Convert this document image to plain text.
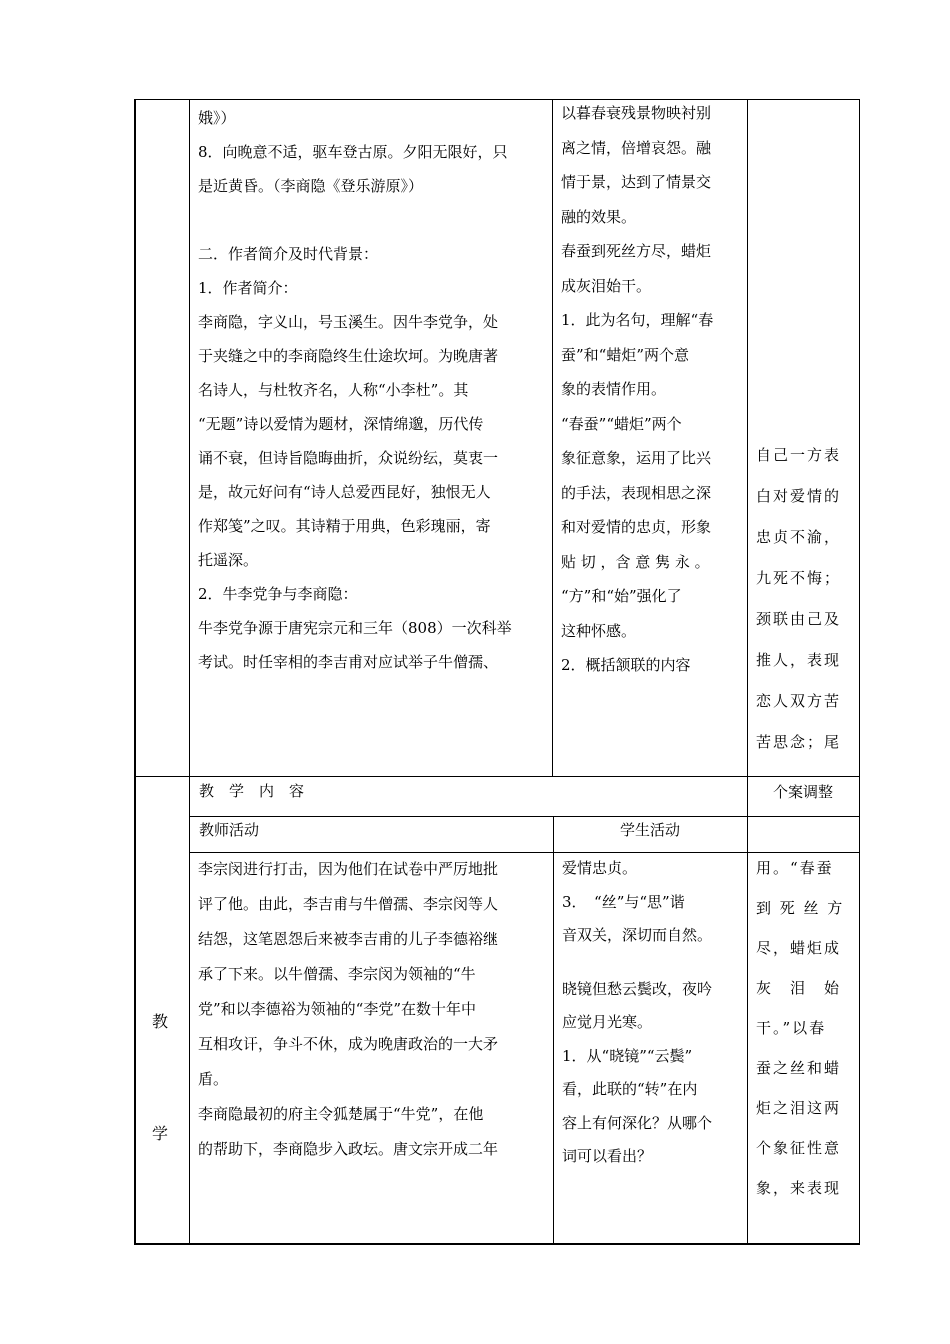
娥》）

8．向晚意不适，驱车登古原。夕阳无限好，只

是近黄昏。（李商隐《登乐游原》）

二．作者简介及时代背景：

1．作者简介：

李商隐，字义山，号玉溪生。因牛李党争，处

于夹缝之中的李商隐终生仕途坎坷。为晚唐著

名诗人，与杜牧齐名，人称“小李杜”。其

“无题”诗以爱情为题材，深情绵邈，历代传

诵不衰，但诗旨隐晦曲折，众说纷纭，莫衷一

是，故元好问有“诗人总爱西昆好，独恨无人

作郑笺”之叹。其诗精于用典，色彩瑰丽，寄

托遥深。

2．牛李党争与李商隐：

牛李党争源于唐宪宗元和三年（808）一次科举

考试。时任宰相的李吉甫对应试举子牛僧孺、

以暮春衰残景物映衬别

离之情，倍增哀怨。融

情于景，达到了情景交

融的效果。

春蚕到死丝方尽，蜡炬

成灰泪始干。

1．此为名句，理解“春

蚕”和“蜡炬”两个意

象的表情作用。

“春蚕”“蜡炬”两个

象征意象，运用了比兴

的手法，表现相思之深

和对爱情的忠贞，形象

贴 切 ，含 意 隽 永 。

“方”和“始”强化了

这种怀感。

2．概括颔联的内容

自己一方表

白对爱情的

忠贞不渝，

九死不悔；

颈联由己及

推人，表现

恋人双方苦

苦思念；尾

教　学　内　容	个案调整
教师活动	学生活动
教
学

李宗闵进行打击，因为他们在试卷中严厉地批

评了他。由此，李吉甫与牛僧孺、李宗闵等人

结怨，这笔恩怨后来被李吉甫的儿子李德裕继

承了下来。以牛僧孺、李宗闵为领袖的“牛

党”和以李德裕为领袖的“李党”在数十年中

互相攻讦，争斗不休，成为晚唐政治的一大矛

盾。

李商隐最初的府主令狐楚属于“牛党”，在他

的帮助下，李商隐步入政坛。唐文宗开成二年

爱情忠贞。

3．　“丝”与“思”谐

音双关，深切而自然。

晓镜但愁云鬓改，夜吟

应觉月光寒。

1．从“晓镜”“云鬓”

看，此联的“转”在内

容上有何深化？从哪个

词可以看出？

用。“春蚕

到 死 丝 方

尽，蜡炬成

灰　泪　始

干。”以春

蚕之丝和蜡

炬之泪这两

个象征性意

象，来表现
